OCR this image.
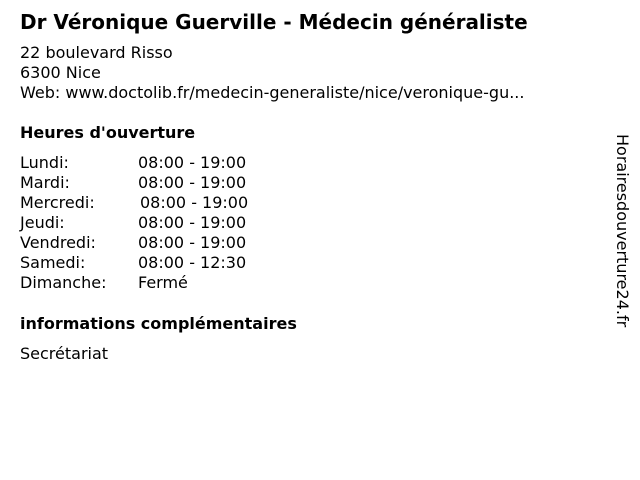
Dr Véronique Guerville - Médecin généraliste
22 boulevard Risso
6300 Nice
Web: www.doctolib.fr/medecin-generaliste/nice/veronique-gu...
Heures d'ouverture
Lundi:	08:00 - 19:00
Mardi:	08:00 - 19:00
Mercredi:	08:00 - 19:00
Jeudi:	08:00 - 19:00
Vendredi:	08:00 - 19:00
Samedi:	08:00 - 12:30
Dimanche: Fermé
informations complémentaires
Secrétariat
Horairesdouverture24.fr
